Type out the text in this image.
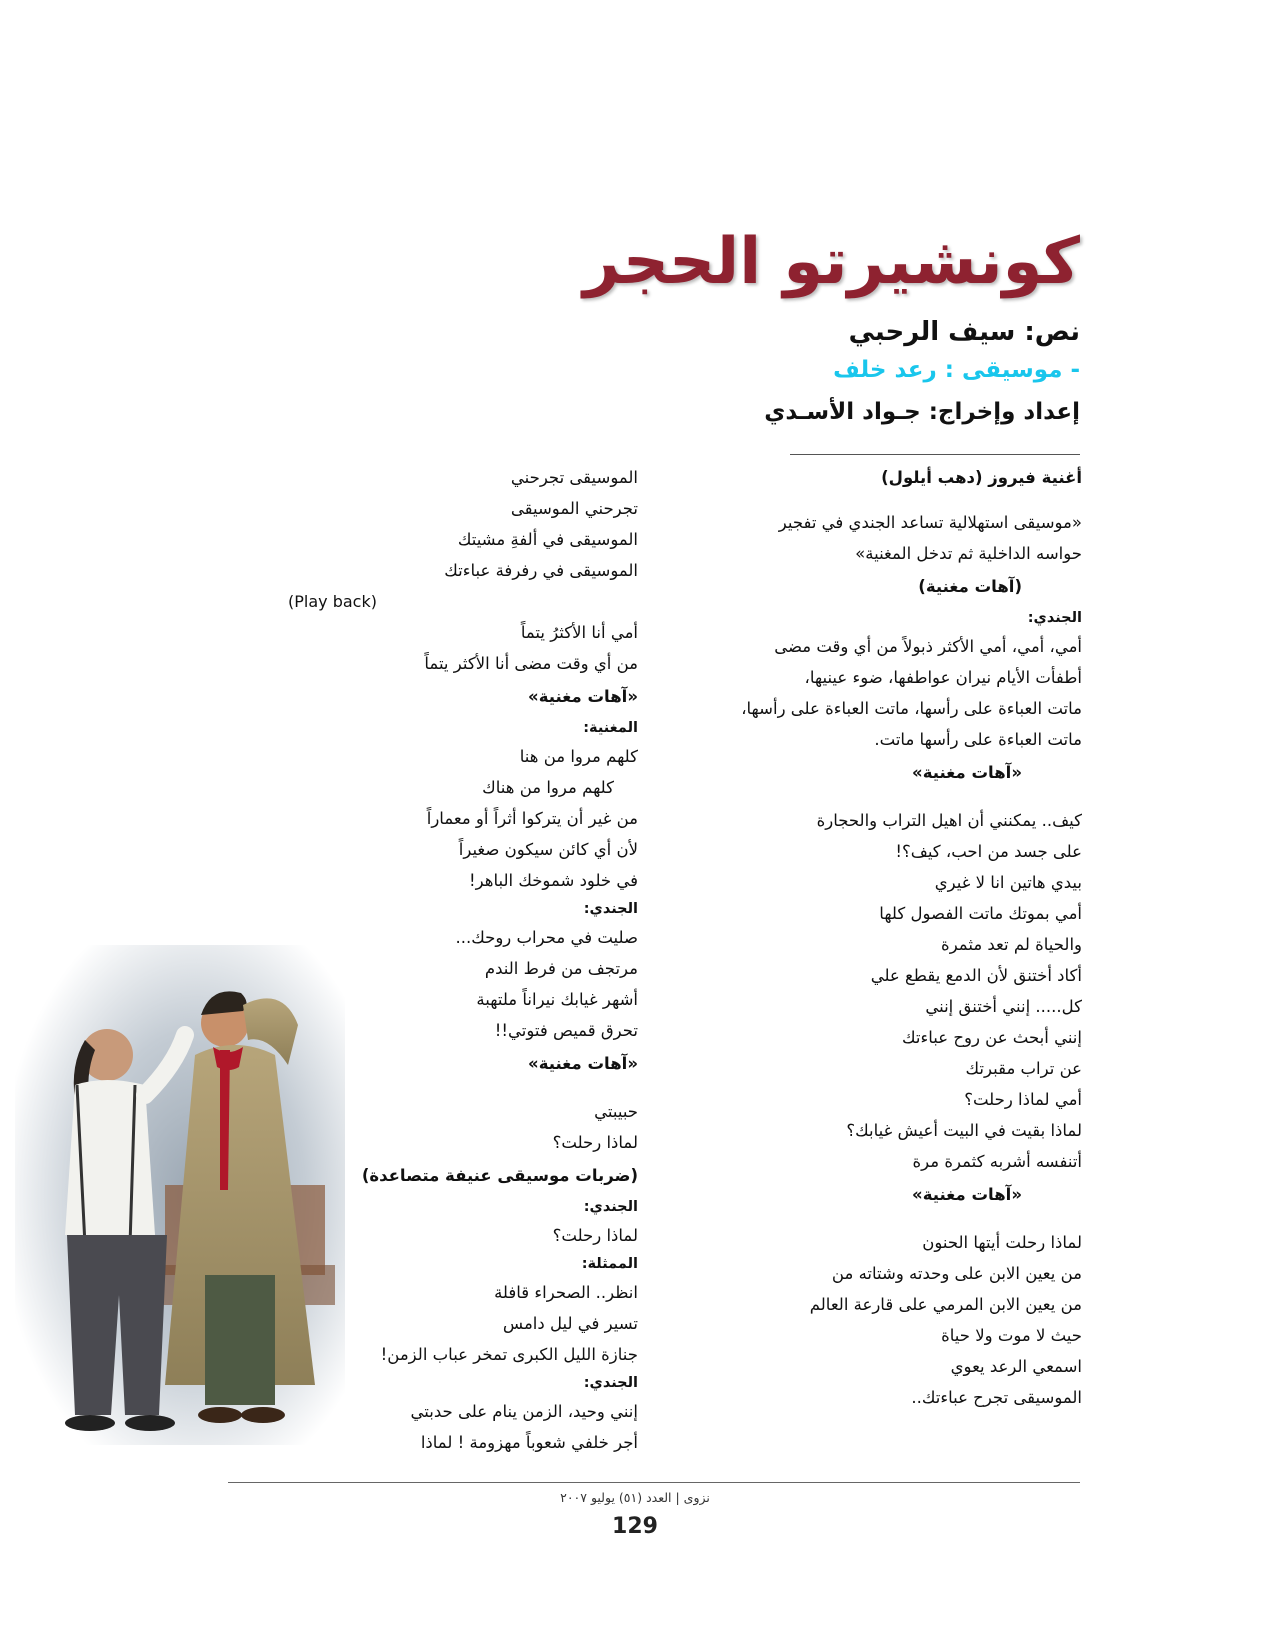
كونشيرتو الحجر
نص: سيف الرحبي
- موسيقى : رعد خلف
إعداد وإخراج: جـواد الأسـدي
أغنية فيروز (دهب أيلول)
«موسيقى استهلالية تساعد الجندي في تفجير
حواسه الداخلية ثم تدخل المغنية»
(آهات مغنية)
الجندي:
أمي، أمي، أمي الأكثر ذبولاً من أي وقت مضى
أطفأت الأيام نيران عواطفها، ضوء عينيها،
ماتت العباءة على رأسها، ماتت العباءة على رأسها،
ماتت العباءة على رأسها ماتت.
«آهات مغنية»
كيف.. يمكنني أن اهيل التراب والحجارة
على جسد من احب، كيف؟!
بيدي هاتين انا لا غيري
أمي بموتك ماتت الفصول كلها
والحياة لم تعد مثمرة
أكاد أختنق لأن الدمع يقطع علي
كل..... إنني أختنق إنني
إنني أبحث عن روح عباءتك
عن تراب مقبرتك
أمي لماذا رحلت؟
لماذا بقيت في البيت أعيش غيابك؟
أتنفسه أشربه كثمرة مرة
«آهات مغنية»
لماذا رحلت أيتها الحنون
من يعين الابن على وحدته وشتاته من
من يعين الابن المرمي على قارعة العالم
حيث لا موت ولا حياة
اسمعي الرعد يعوي
الموسيقى تجرح عباءتك..
الموسيقى تجرحني
تجرحني الموسيقى
الموسيقى في ألفةِ مشيتك
الموسيقى في رفرفة عباءتك
(Play back)
أمي أنا الأكثرُ يتماً
من أي وقت مضى أنا الأكثر يتماً
«آهات مغنية»
المغنية:
كلهم مروا من هنا
كلهم مروا من هناك
من غير أن يتركوا أثراً أو معماراً
لأن أي كائن سيكون صغيراً
في خلود شموخك الباهر!
الجندي:
صليت في محراب روحك...
مرتجف من فرط الندم
أشهر غيابك نيراناً ملتهبة
تحرق قميص فتوتي!!
«آهات مغنية»
حبيبتي
لماذا رحلت؟
(ضربات موسيقى عنيفة متصاعدة)
الجندي:
لماذا رحلت؟
الممثلة:
انظر.. الصحراء قافلة
تسير في ليل دامس
جنازة الليل الكبرى تمخر عباب الزمن!
الجندي:
إنني وحيد، الزمن ينام على حدبتي
أجر خلفي شعوباً مهزومة ! لماذا
نزوى | العدد (٥١) يوليو ٢٠٠٧
129
